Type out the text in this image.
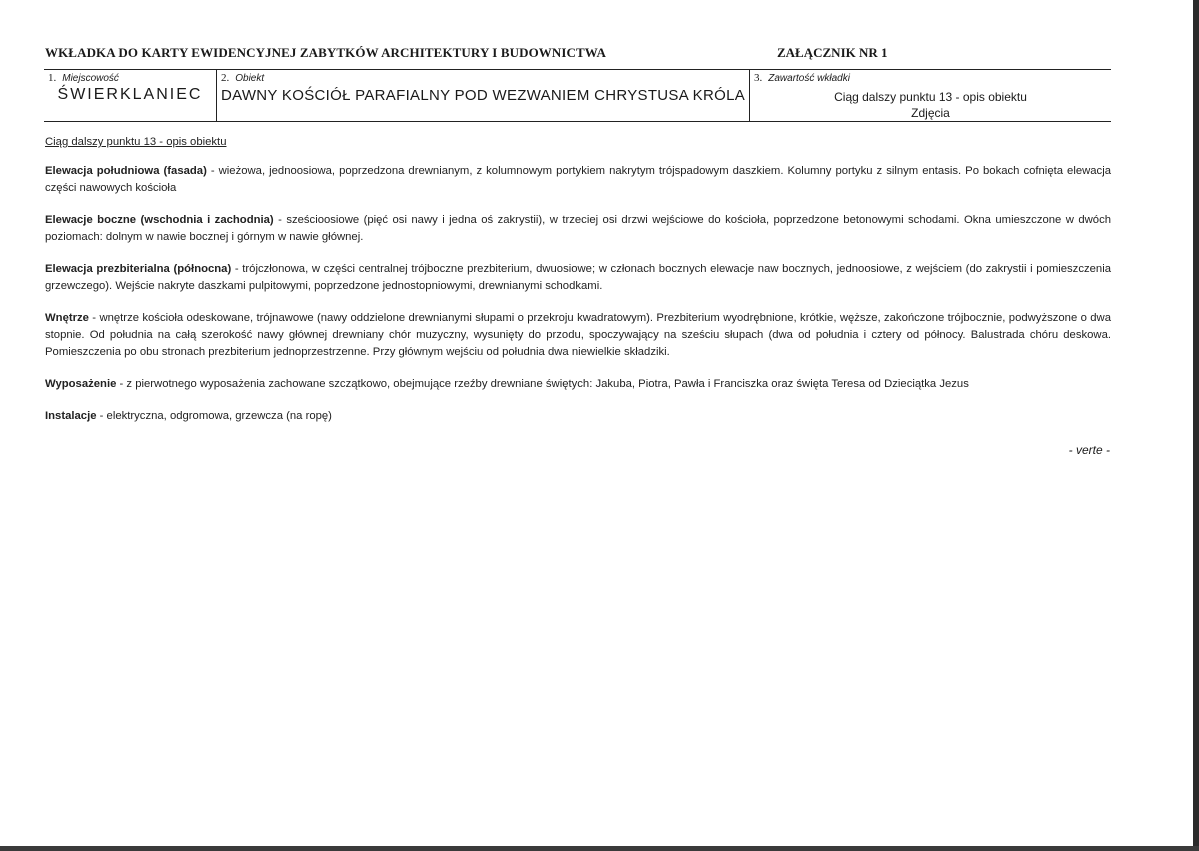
WKŁADKA DO KARTY EWIDENCYJNEJ ZABYTKÓW ARCHITEKTURY I BUDOWNICTWA	ZAŁĄCZNIK NR 1
1. Miejscowość
ŚWIERKLANIEC
2. Obiekt
DAWNY KOŚCIÓŁ PARAFIALNY POD WEZWANIEM CHRYSTUSA KRÓLA
3. Zawartość wkładki
Ciąg dalszy punktu 13 - opis obiektu
Zdjęcia
Ciąg dalszy punktu 13 - opis obiektu

Elewacja południowa (fasada) - wieżowa, jednoosiowa, poprzedzona drewnianym, z kolumnowym portykiem nakrytym trójspadowym daszkiem. Kolumny portyku z silnym entasis. Po bokach cofnięta elewacja części nawowych kościoła

Elewacje boczne (wschodnia i zachodnia) - sześcioosiowe (pięć osi nawy i jedna oś zakrystii), w trzeciej osi drzwi wejściowe do kościoła, poprzedzone betonowymi schodami. Okna umieszczone w dwóch poziomach: dolnym w nawie bocznej i górnym w nawie głównej.

Elewacja prezbiterialna (północna) - trójczłonowa, w części centralnej trójboczne prezbiterium, dwuosiowe; w członach bocznych elewacje naw bocznych, jednoosiowe, z wejściem (do zakrystii i pomieszczenia grzewczego). Wejście nakryte daszkami pulpitowymi, poprzedzone jednostopniowymi, drewnianymi schodkami.

Wnętrze - wnętrze kościoła odeskowane, trójnawowe (nawy oddzielone drewnianymi słupami o przekroju kwadratowym). Prezbiterium wyodrębnione, krótkie, węższe, zakończone trójbocznie, podwyższone o dwa stopnie. Od południa na całą szerokość nawy głównej drewniany chór muzyczny, wysunięty do przodu, spoczywający na sześciu słupach (dwa od południa i cztery od północy. Balustrada chóru deskowa. Pomieszczenia po obu stronach prezbiterium jednoprzestrzenne. Przy głównym wejściu od południa dwa niewielkie składziki.

Wyposażenie - z pierwotnego wyposażenia zachowane szczątkowo, obejmujące rzeźby drewniane świętych: Jakuba, Piotra, Pawła i Franciszka oraz święta Teresa od Dzieciątka Jezus

Instalacje - elektryczna, odgromowa, grzewcza (na ropę)

- verte -
